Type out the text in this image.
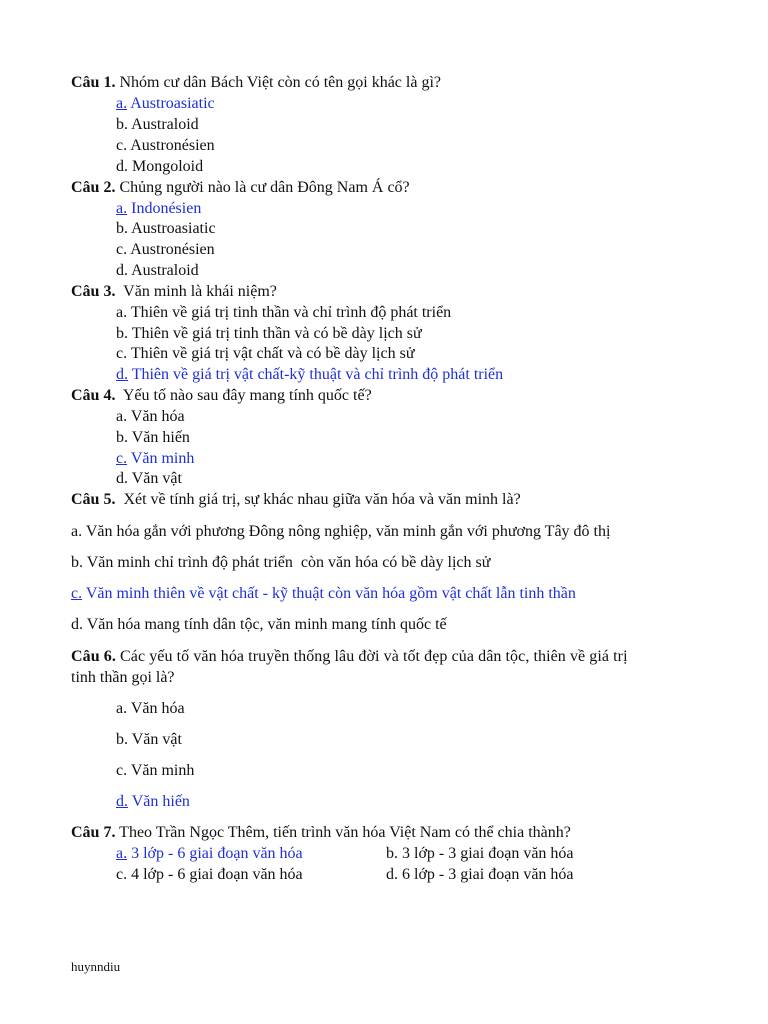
Câu 1. Nhóm cư dân Bách Việt còn có tên gọi khác là gì?
a. Austroasiatic
b. Australoid
c. Austronésien
d. Mongoloid
Câu 2. Chủng người nào là cư dân Đông Nam Á cổ?
a. Indonésien
b. Austroasiatic
c. Austronésien
d. Australoid
Câu 3.  Văn minh là khái niệm?
a. Thiên về giá trị tinh thần và chỉ trình độ phát triển
b. Thiên về giá trị tinh thần và có bề dày lịch sử
c. Thiên về giá trị vật chất và có bề dày lịch sử
d. Thiên về giá trị vật chất-kỹ thuật và chỉ trình độ phát triển
Câu 4.  Yếu tố nào sau đây mang tính quốc tế?
a. Văn hóa
b. Văn hiến
c. Văn minh
d. Văn vật
Câu 5.  Xét về tính giá trị, sự khác nhau giữa văn hóa và văn minh là?
a. Văn hóa gắn với phương Đông nông nghiệp, văn minh gắn với phương Tây đô thị
b. Văn minh chỉ trình độ phát triển  còn văn hóa có bề dày lịch sử
c. Văn minh thiên về vật chất - kỹ thuật còn văn hóa gồm vật chất lẫn tinh thần
d. Văn hóa mang tính dân tộc, văn minh mang tính quốc tế
Câu 6. Các yếu tố văn hóa truyền thống lâu đời và tốt đẹp của dân tộc, thiên về giá trị
tinh thần gọi là?
a. Văn hóa
b. Văn vật
c. Văn minh
d. Văn hiến
Câu 7. Theo Trần Ngọc Thêm, tiến trình văn hóa Việt Nam có thể chia thành?
a. 3 lớp - 6 giai đoạn văn hóa	b. 3 lớp - 3 giai đoạn văn hóa
c. 4 lớp - 6 giai đoạn văn hóa	d. 6 lớp - 3 giai đoạn văn hóa
huynndiu
